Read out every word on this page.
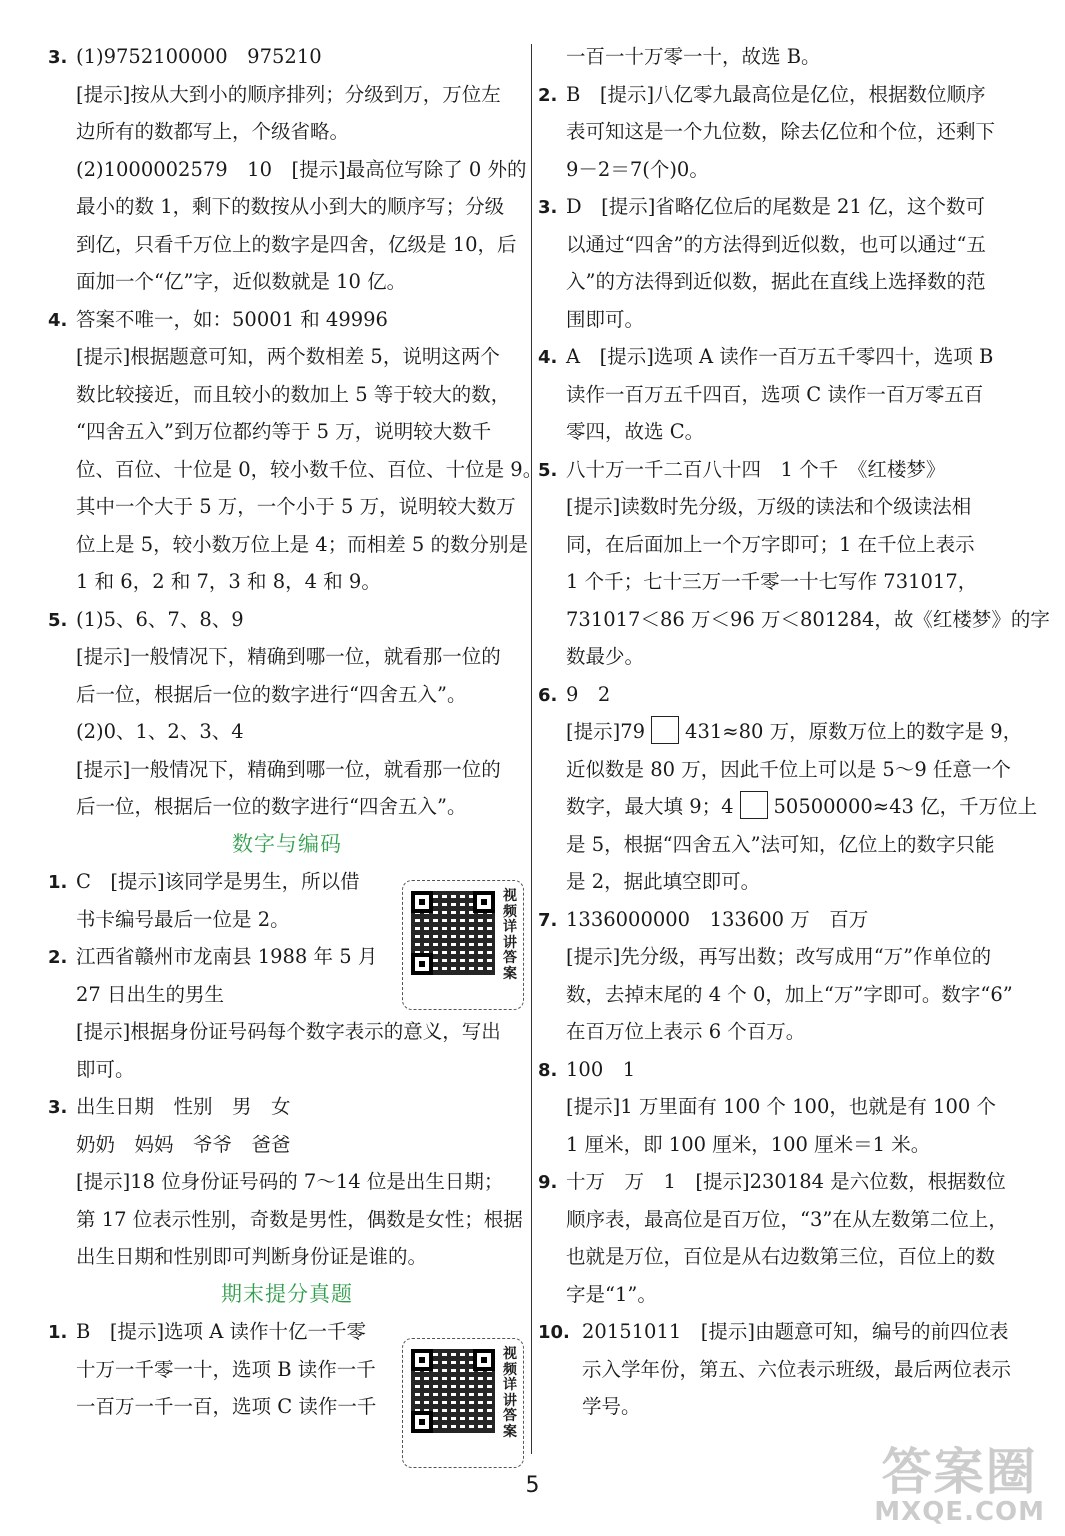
3. (1)9752100000　975210
[提示]按从大到小的顺序排列；分级到万，万位左
边所有的数都写上，个级省略。
(2)1000002579　10　[提示]最高位写除了 0 外的
最小的数 1，剩下的数按从小到大的顺序写；分级
到亿，只看千万位上的数字是四舍，亿级是 10，后
面加一个“亿”字，近似数就是 10 亿。
4. 答案不唯一，如：50001 和 49996
[提示]根据题意可知，两个数相差 5，说明这两个
数比较接近，而且较小的数加上 5 等于较大的数，
“四舍五入”到万位都约等于 5 万，说明较大数千
位、百位、十位是 0，较小数千位、百位、十位是 9。
其中一个大于 5 万，一个小于 5 万，说明较大数万
位上是 5，较小数万位上是 4；而相差 5 的数分别是
1 和 6，2 和 7，3 和 8，4 和 9。
5. (1)5、6、7、8、9
[提示]一般情况下，精确到哪一位，就看那一位的
后一位，根据后一位的数字进行“四舍五入”。
(2)0、1、2、3、4
[提示]一般情况下，精确到哪一位，就看那一位的
后一位，根据后一位的数字进行“四舍五入”。
数字与编码
1. C　[提示]该同学是男生，所以借
书卡编号最后一位是 2。
2. 江西省赣州市龙南县 1988 年 5 月
27 日出生的男生
[提示]根据身份证号码每个数字表示的意义，写出
即可。
3. 出生日期　性别　男　女
奶奶　妈妈　爷爷　爸爸
[提示]18 位身份证号码的 7～14 位是出生日期；
第 17 位表示性别，奇数是男性，偶数是女性；根据
出生日期和性别即可判断身份证是谁的。
期末提分真题
1. B　[提示]选项 A 读作十亿一千零
十万一千零一十，选项 B 读作一千
一百万一千一百，选项 C 读作一千
视频详讲答案
视频详讲答案
一百一十万零一十，故选 B。
2. B　[提示]八亿零九最高位是亿位，根据数位顺序
表可知这是一个九位数，除去亿位和个位，还剩下
9－2＝7(个)0。
3. D　[提示]省略亿位后的尾数是 21 亿，这个数可
以通过“四舍”的方法得到近似数，也可以通过“五
入”的方法得到近似数，据此在直线上选择数的范
围即可。
4. A　[提示]选项 A 读作一百万五千零四十，选项 B
读作一百万五千四百，选项 C 读作一百万零五百
零四，故选 C。
5. 八十万一千二百八十四　1 个千　《红楼梦》
[提示]读数时先分级，万级的读法和个级读法相
同，在后面加上一个万字即可；1 在千位上表示
1 个千；七十三万一千零一十七写作 731017，
731017＜86 万＜96 万＜801284，故《红楼梦》的字
数最少。
6. 9　2
[提示]79 431≈80 万，原数万位上的数字是 9，
近似数是 80 万，因此千位上可以是 5～9 任意一个
数字，最大填 9；4 50500000≈43 亿，千万位上
是 5，根据“四舍五入”法可知，亿位上的数字只能
是 2，据此填空即可。
7. 1336000000　133600 万　百万
[提示]先分级，再写出数；改写成用“万”作单位的
数，去掉末尾的 4 个 0，加上“万”字即可。数字“6”
在百万位上表示 6 个百万。
8. 100　1
[提示]1 万里面有 100 个 100，也就是有 100 个
1 厘米，即 100 厘米，100 厘米＝1 米。
9. 十万　万　1　[提示]230184 是六位数，根据数位
顺序表，最高位是百万位，“3”在从左数第二位上，
也就是万位，百位是从右边数第三位，百位上的数
字是“1”。
10. 20151011　[提示]由题意可知，编号的前四位表
示入学年份，第五、六位表示班级，最后两位表示
学号。
5	答案圈
MXQE.COM
